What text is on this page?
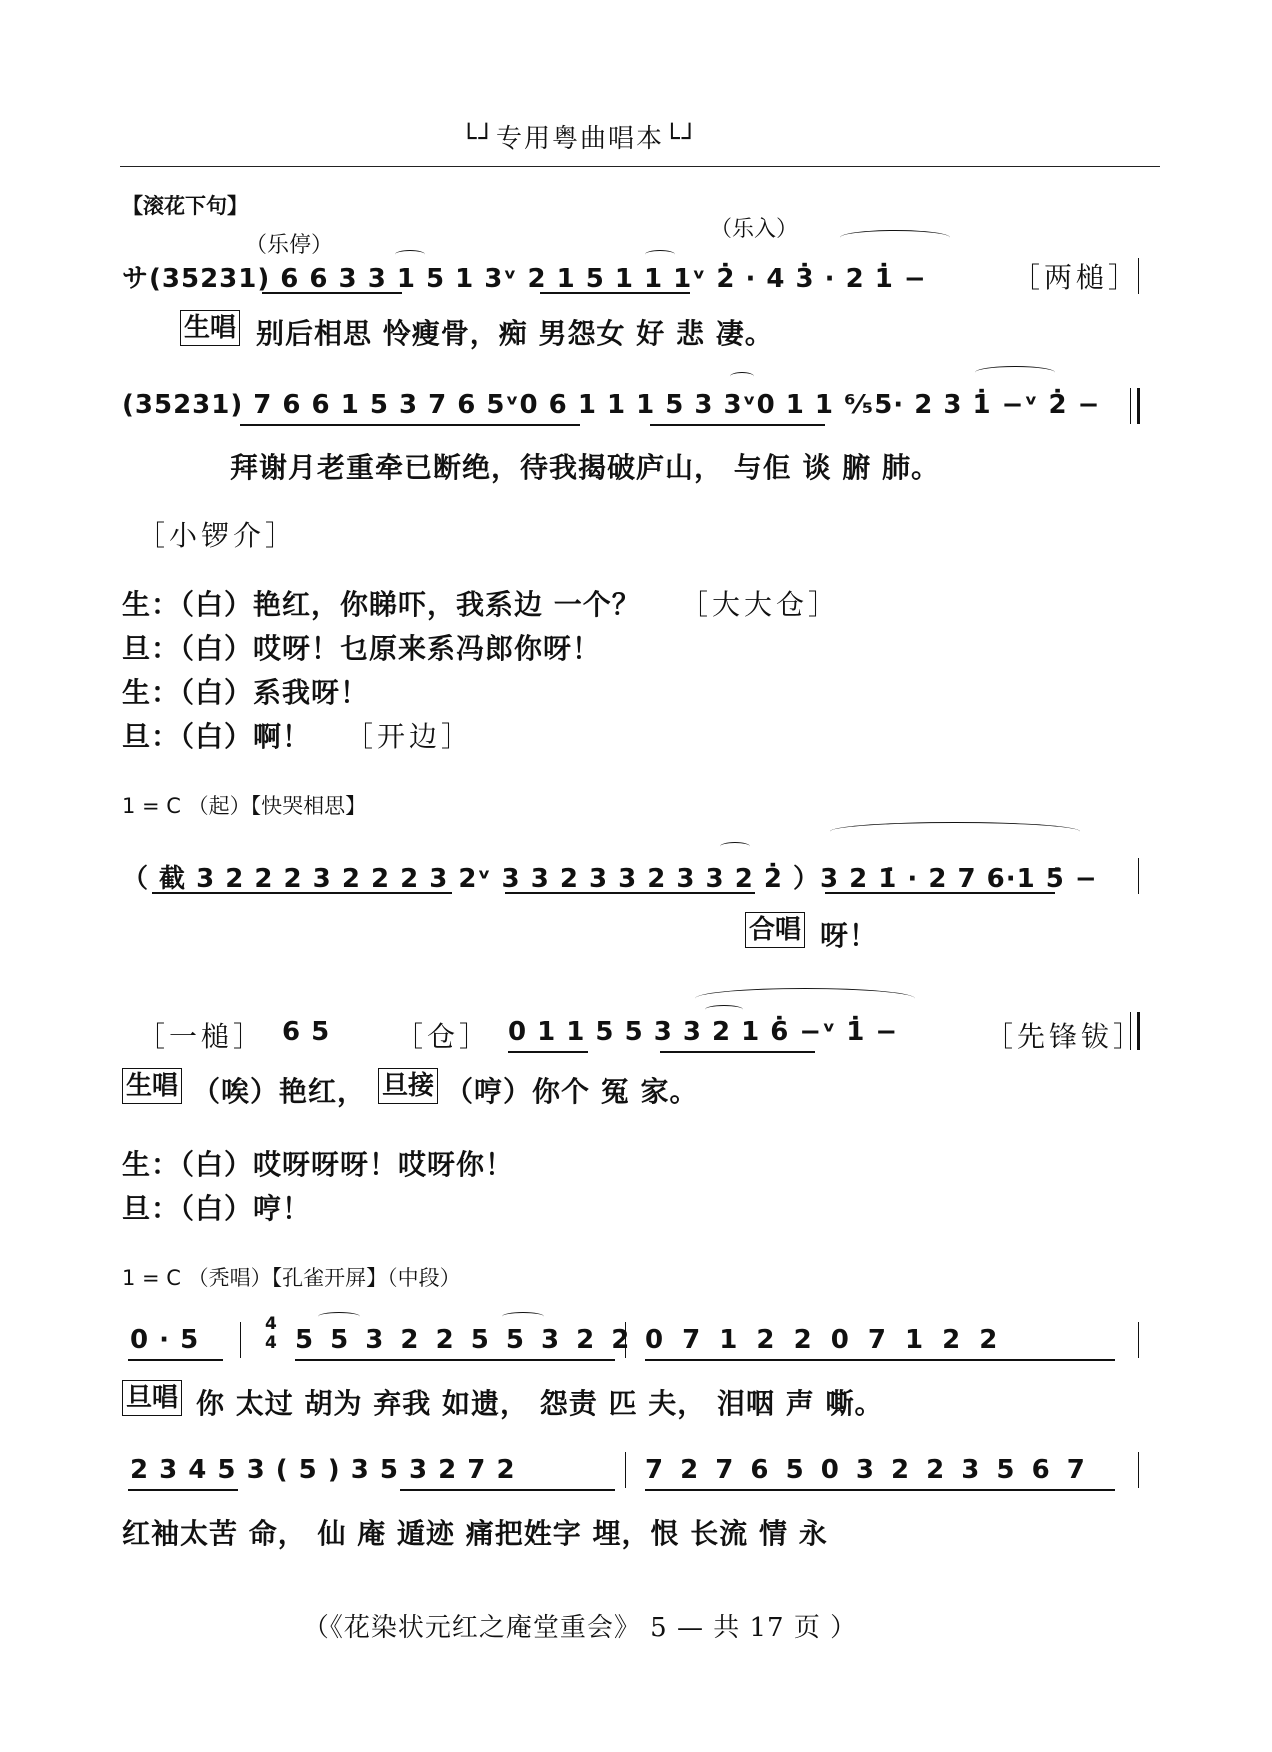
└┘专用粤曲唱本└┘
【滚花下句】
（乐停）
（乐入）
サ(35231) 6 6 3 3 1 5 1 3ᵛ 2 1 5 1 1 1ᵛ 2̇ · 4 3̇ · 2 1̇ −	［两槌］
生唱 别后相思 怜瘦骨，痴 男怨女 好 悲 凄。
(35231) 7 6 6 1 5 3 7 6 5ᵛ0 6 1 1 1 5 3 3ᵛ0 1 1 ⁶⁄₅5· 2 3 1̇ −ᵛ 2̇ −
拜谢月老重牵已断绝，待我揭破庐山， 与佢 谈 腑 肺。
［小锣介］
生：（白）艳红，你睇吓，我系边 一个？ ［大大仓］
旦：（白）哎呀！乜原来系冯郎你呀！
生：（白）系我呀！
旦：（白）啊！ ［开边］
1 = C （起）【快哭相思】
（ 截 3 2 2 2 3 2 2 2 3 2ᵛ 3 3 2 3 3 2 3 3 2 2̇ ）3 2 1̇ · 2 7 6·1 5̇ −
合唱 呀！
［一槌］ 6 5 ［仓］ 0 1 1 5 5 3 3 2 1 6̇ −ᵛ 1̇ −	［先锋钹］
生唱 （唉）艳红， 旦接 （哼）你个 冤 家。
生：（白）哎呀呀呀！哎呀你！
旦：（白）哼！
1 = C （秃唱）【孔雀开屏】（中段）
0 · 5
4
4 5 5 3 2 2 5 5 3 2 2 0 7 1 2 2 0 7 1 2 2
旦唱 你 太过 胡为 弃我 如遗， 怨责 匹 夫， 泪咽 声 嘶。
2 3 4 5 3 ( 5 ) 3 5 3 2 7 2	7 2 7 6 5 0 3 2 2 3 5 6 7
红袖太苦 命， 仙 庵 遁迹 痛把姓字 埋，恨 长流 情 永
（《花染状元红之庵堂重会》 5 — 共 17 页 ）
